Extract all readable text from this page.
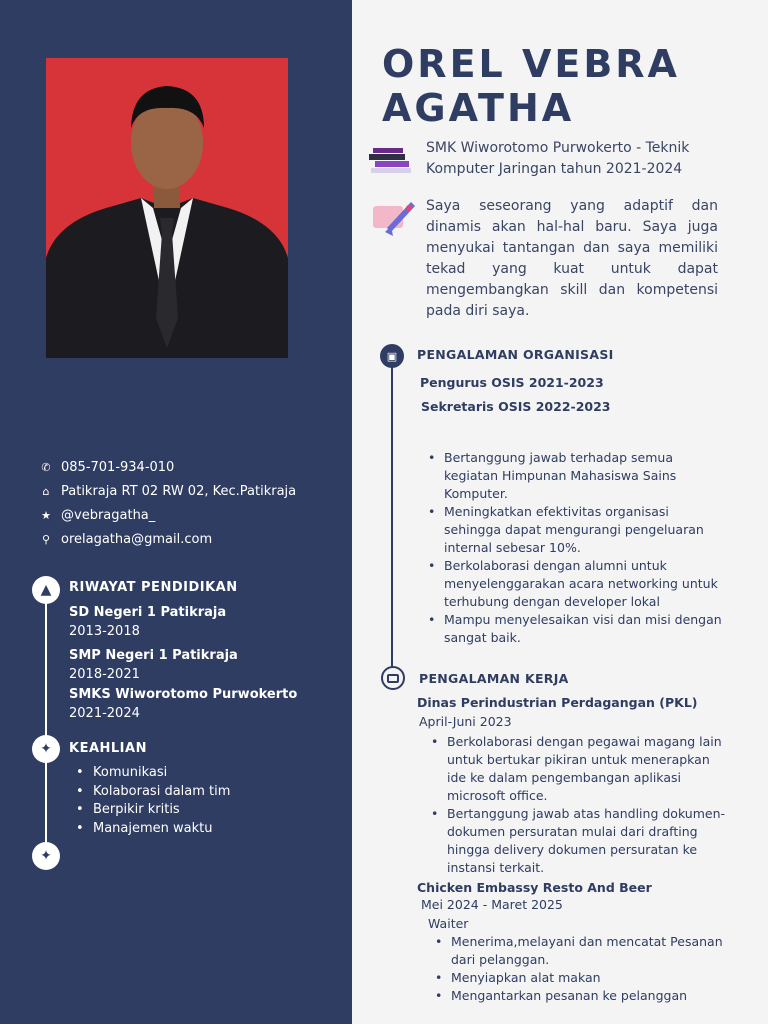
✆ 085-701-934-010
⌂ Patikraja RT 02 RW 02, Kec.Patikraja
★ @vebragatha_
⚲ orelagatha@gmail.com
▲	RIWAYAT PENDIDIKAN
SD Negeri 1 Patikraja
2013-2018
SMP Negeri 1 Patikraja
2018-2021
SMKS Wiworotomo Purwokerto
2021-2024
✦	KEAHLIAN
• Komunikasi
• Kolaborasi dalam tim
• Berpikir kritis
• Manajemen waktu
✦
OREL VEBRA
AGATHA
SMK Wiworotomo Purwokerto - Teknik Komputer Jaringan tahun 2021-2024
Saya seseorang yang adaptif dan dinamis akan hal-hal baru. Saya juga menyukai tantangan dan saya memiliki tekad yang kuat untuk dapat mengembangkan skill dan kompetensi pada diri saya.
▣	PENGALAMAN ORGANISASI
Pengurus OSIS 2021-2023
Sekretaris OSIS 2022-2023
• Bertanggung jawab terhadap semua kegiatan Himpunan Mahasiswa Sains Komputer.
• Meningkatkan efektivitas organisasi sehingga dapat mengurangi pengeluaran internal sebesar 10%.
• Berkolaborasi dengan alumni untuk menyelenggarakan acara networking untuk terhubung dengan developer lokal
• Mampu menyelesaikan visi dan misi dengan sangat baik.
PENGALAMAN KERJA
Dinas Perindustrian Perdagangan (PKL)
April-Juni 2023
• Berkolaborasi dengan pegawai magang lain untuk bertukar pikiran untuk menerapkan ide ke dalam pengembangan aplikasi microsoft office.
• Bertanggung jawab atas handling dokumen-dokumen persuratan mulai dari drafting hingga delivery dokumen persuratan ke instansi terkait.
Chicken Embassy Resto And Beer
Mei 2024 - Maret 2025
Waiter
• Menerima,melayani dan mencatat Pesanan dari pelanggan.
• Menyiapkan alat makan
• Mengantarkan pesanan ke pelanggan
